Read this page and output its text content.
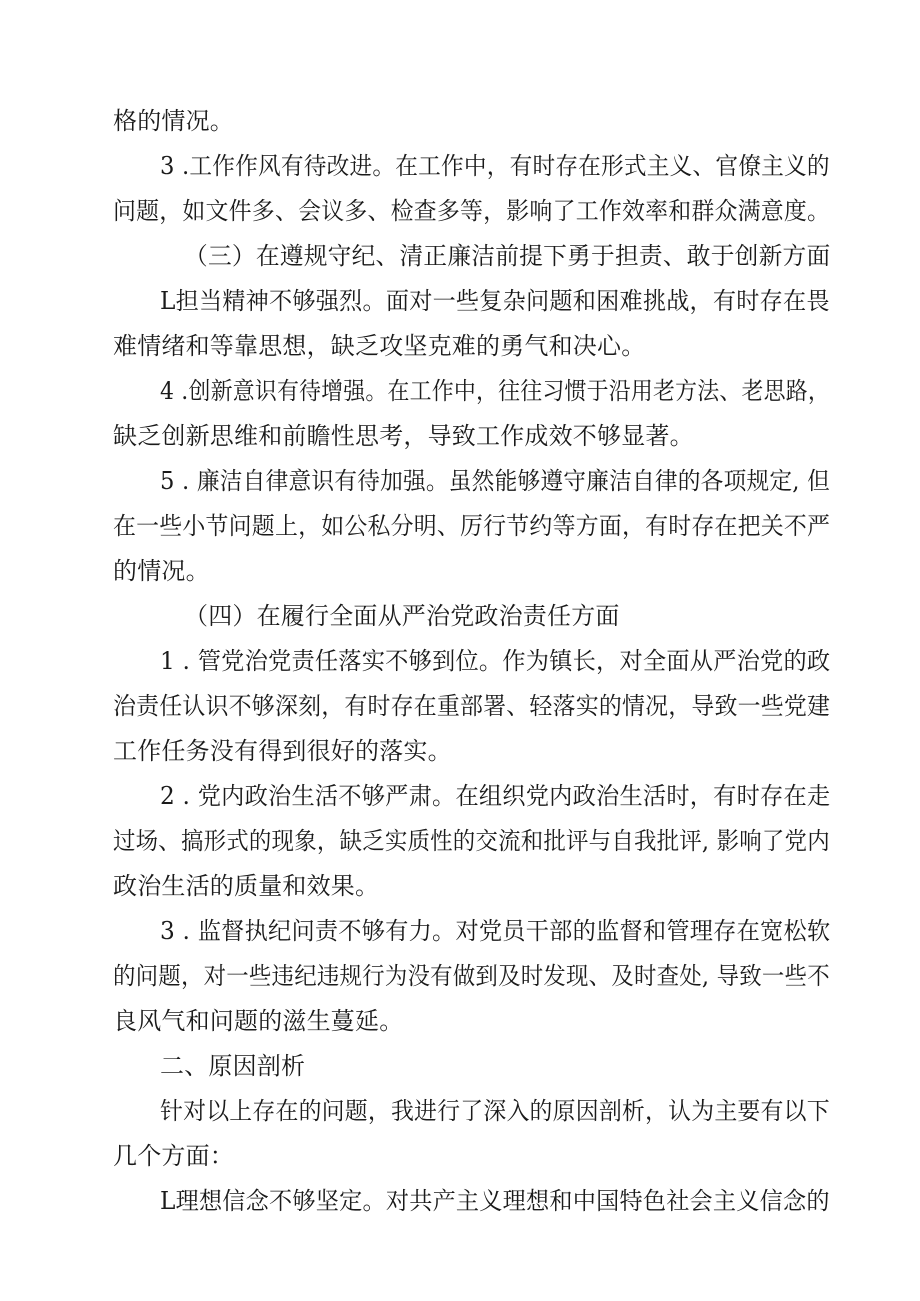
格的情况。
3 .工作作风有待改进。在工作中，有时存在形式主义、官僚主义的
问题，如文件多、会议多、检查多等，影响了工作效率和群众满意度。
（三）在遵规守纪、清正廉洁前提下勇于担责、敢于创新方面
L担当精神不够强烈。面对一些复杂问题和困难挑战，有时存在畏
难情绪和等靠思想，缺乏攻坚克难的勇气和决心。
4 .创新意识有待增强。在工作中，往往习惯于沿用老方法、老思路，
缺乏创新思维和前瞻性思考，导致工作成效不够显著。
5 . 廉洁自律意识有待加强。虽然能够遵守廉洁自律的各项规定, 但
在一些小节问题上，如公私分明、厉行节约等方面，有时存在把关不严
的情况。
（四）在履行全面从严治党政治责任方面
1 . 管党治党责任落实不够到位。作为镇长，对全面从严治党的政
治责任认识不够深刻，有时存在重部署、轻落实的情况，导致一些党建
工作任务没有得到很好的落实。
2 . 党内政治生活不够严肃。在组织党内政治生活时，有时存在走
过场、搞形式的现象，缺乏实质性的交流和批评与自我批评, 影响了党内
政治生活的质量和效果。
3 . 监督执纪问责不够有力。对党员干部的监督和管理存在宽松软
的问题，对一些违纪违规行为没有做到及时发现、及时查处, 导致一些不
良风气和问题的滋生蔓延。
二、原因剖析
针对以上存在的问题，我进行了深入的原因剖析，认为主要有以下
几个方面：
L理想信念不够坚定。对共产主义理想和中国特色社会主义信念的
